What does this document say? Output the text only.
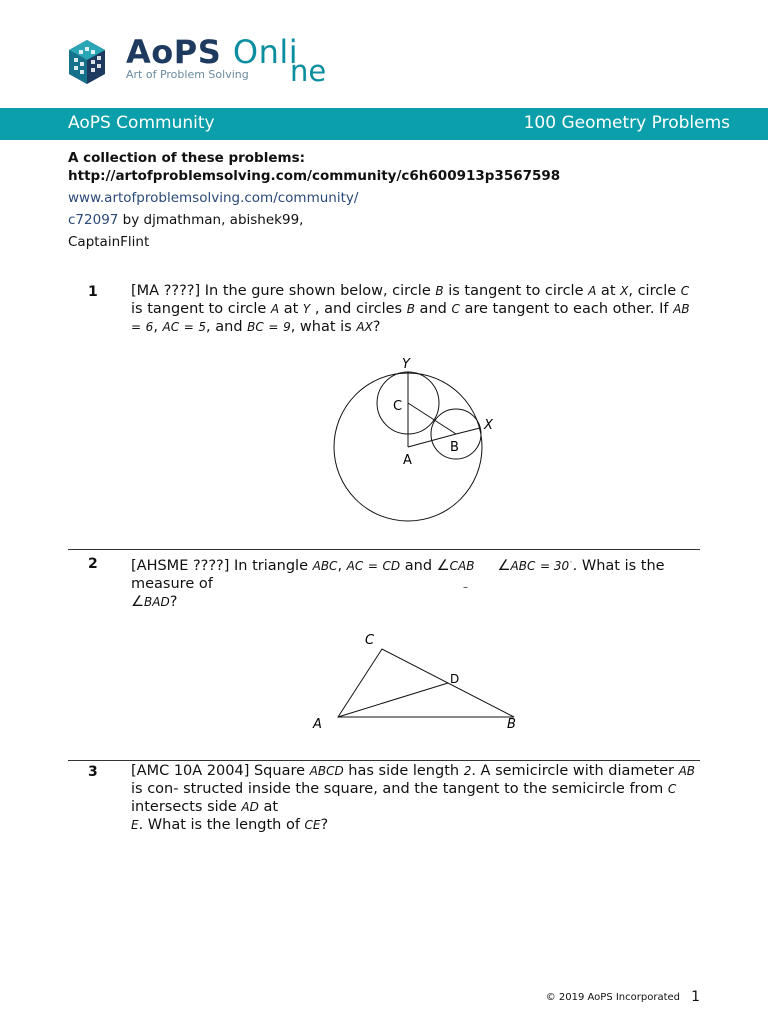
AoPS Onli
Art of Problem Solving ne
AoPS Community	100 Geometry Problems

A collection of these problems:

http://artofproblemsolving.com/community/c6h600913p3567598

www.artofproblemsolving.com/community/

c72097 by djmathman, abishek99,

CaptainFlint

1 [MA ????] In the gure shown below, circle B is tangent to circle A at X, circle C is tangent to circle A at Y , and circles B and C are tangent to each other. If AB = 6, AC = 5, and BC = 9, what is AX?
Y
C
X
B
A
2 [AHSME ????] In triangle ABC, AC = CD and ∠CAB     ∠ABC = 30◦. What is the measure of
∠BAD?
–
C
D
A	B
3 [AMC 10A 2004] Square ABCD has side length 2. A semicircle with diameter AB is con- structed inside the square, and the tangent to the semicircle from C intersects side AD at
E. What is the length of CE?
© 2019 AoPS Incorporated 1
